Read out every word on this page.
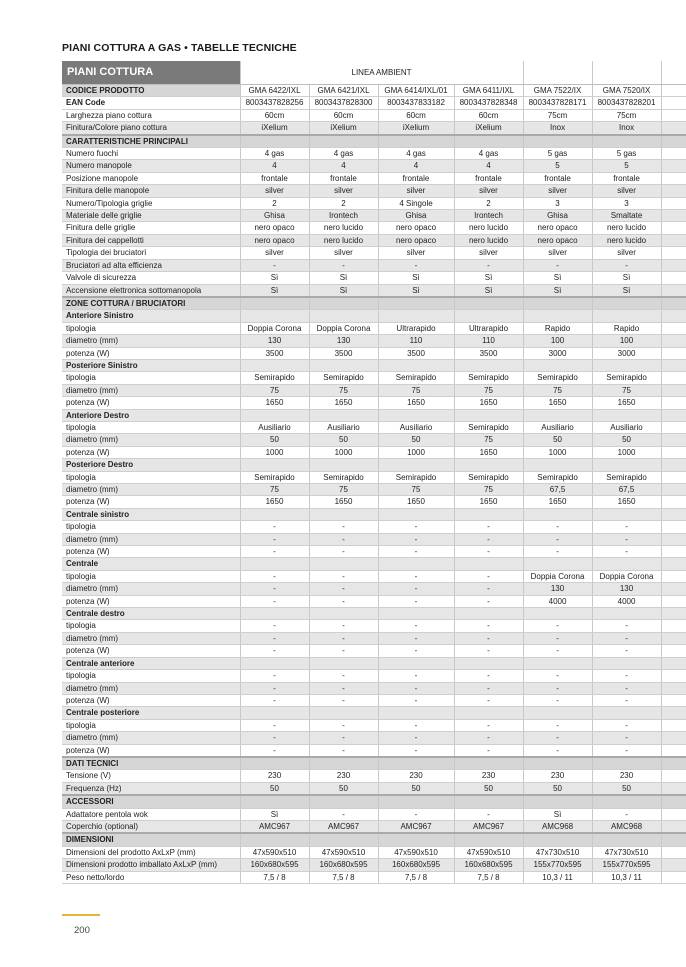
PIANI COTTURA A GAS • TABELLE TECNICHE
PIANI COTTURA	LINEA AMBIENT						
CODICE PRODOTTO	GMA 6422/IXL	GMA 6421/IXL	GMA 6414/IXL/01	GMA 6411/IXL	GMA 7522/IX	GMA 7520/IX	
EAN Code	8003437828256	8003437828300	8003437833182	8003437828348	8003437828171	8003437828201	
Larghezza piano cottura	60cm	60cm	60cm	60cm	75cm	75cm	
Finitura/Colore piano cottura	iXelium	iXelium	iXelium	iXelium	Inox	Inox	
CARATTERISTICHE PRINCIPALI							
Numero fuochi	4 gas	4 gas	4 gas	4 gas	5 gas	5 gas	
Numero manopole	4	4	4	4	5	5	
Posizione manopole	frontale	frontale	frontale	frontale	frontale	frontale	
Finitura delle manopole	silver	silver	silver	silver	silver	silver	
Numero/Tipologia griglie	2	2	4 Singole	2	3	3	
Materiale delle griglie	Ghisa	Irontech	Ghisa	Irontech	Ghisa	Smaltate	
Finitura delle griglie	nero opaco	nero lucido	nero opaco	nero lucido	nero opaco	nero lucido	
Finitura dei cappellotti	nero opaco	nero lucido	nero opaco	nero lucido	nero opaco	nero lucido	
Tipologia dei bruciatori	silver	silver	silver	silver	silver	silver	
Bruciatori ad alta efficienza	-	-	-	-	-	-	
Valvole di sicurezza	Sì	Sì	Sì	Sì	Sì	Sì	
Accensione elettronica sottomanopola	Sì	Sì	Sì	Sì	Sì	Sì	
ZONE COTTURA / BRUCIATORI							
Anteriore Sinistro							
tipologia	Doppia Corona	Doppia Corona	Ultrarapido	Ultrarapido	Rapido	Rapido	
diametro (mm)	130	130	110	110	100	100	
potenza (W)	3500	3500	3500	3500	3000	3000	
Posteriore Sinistro							
tipologia	Semirapido	Semirapido	Semirapido	Semirapido	Semirapido	Semirapido	
diametro (mm)	75	75	75	75	75	75	
potenza (W)	1650	1650	1650	1650	1650	1650	
Anteriore Destro							
tipologia	Ausiliario	Ausiliario	Ausiliario	Semirapido	Ausiliario	Ausiliario	
diametro (mm)	50	50	50	75	50	50	
potenza (W)	1000	1000	1000	1650	1000	1000	
Posteriore Destro							
tipologia	Semirapido	Semirapido	Semirapido	Semirapido	Semirapido	Semirapido	
diametro (mm)	75	75	75	75	67,5	67,5	
potenza (W)	1650	1650	1650	1650	1650	1650	
Centrale sinistro							
tipologia	-	-	-	-	-	-	
diametro (mm)	-	-	-	-	-	-	
potenza (W)	-	-	-	-	-	-	
Centrale							
tipologia	-	-	-	-	Doppia Corona	Doppia Corona	
diametro (mm)	-	-	-	-	130	130	
potenza (W)	-	-	-	-	4000	4000	
Centrale destro							
tipologia	-	-	-	-	-	-	
diametro (mm)	-	-	-	-	-	-	
potenza (W)	-	-	-	-	-	-	
Centrale anteriore							
tipologia	-	-	-	-	-	-	
diametro (mm)	-	-	-	-	-	-	
potenza (W)	-	-	-	-	-	-	
Centrale posteriore							
tipologia	-	-	-	-	-	-	
diametro (mm)	-	-	-	-	-	-	
potenza (W)	-	-	-	-	-	-	
DATI TECNICI							
Tensione (V)	230	230	230	230	230	230	
Frequenza (Hz)	50	50	50	50	50	50	
ACCESSORI							
Adattatore pentola wok	Sì	-	-	-	Sì	-	
Coperchio (optional)	AMC967	AMC967	AMC967	AMC967	AMC968	AMC968	
DIMENSIONI							
Dimensioni del prodotto AxLxP (mm)	47x590x510	47x590x510	47x590x510	47x590x510	47x730x510	47x730x510	
Dimensioni prodotto imballato AxLxP (mm)	160x680x595	160x680x595	160x680x595	160x680x595	155x770x595	155x770x595	
Peso netto/lordo	7,5 / 8	7,5 / 8	7,5 / 8	7,5 / 8	10,3 / 11	10,3 / 11	
200
